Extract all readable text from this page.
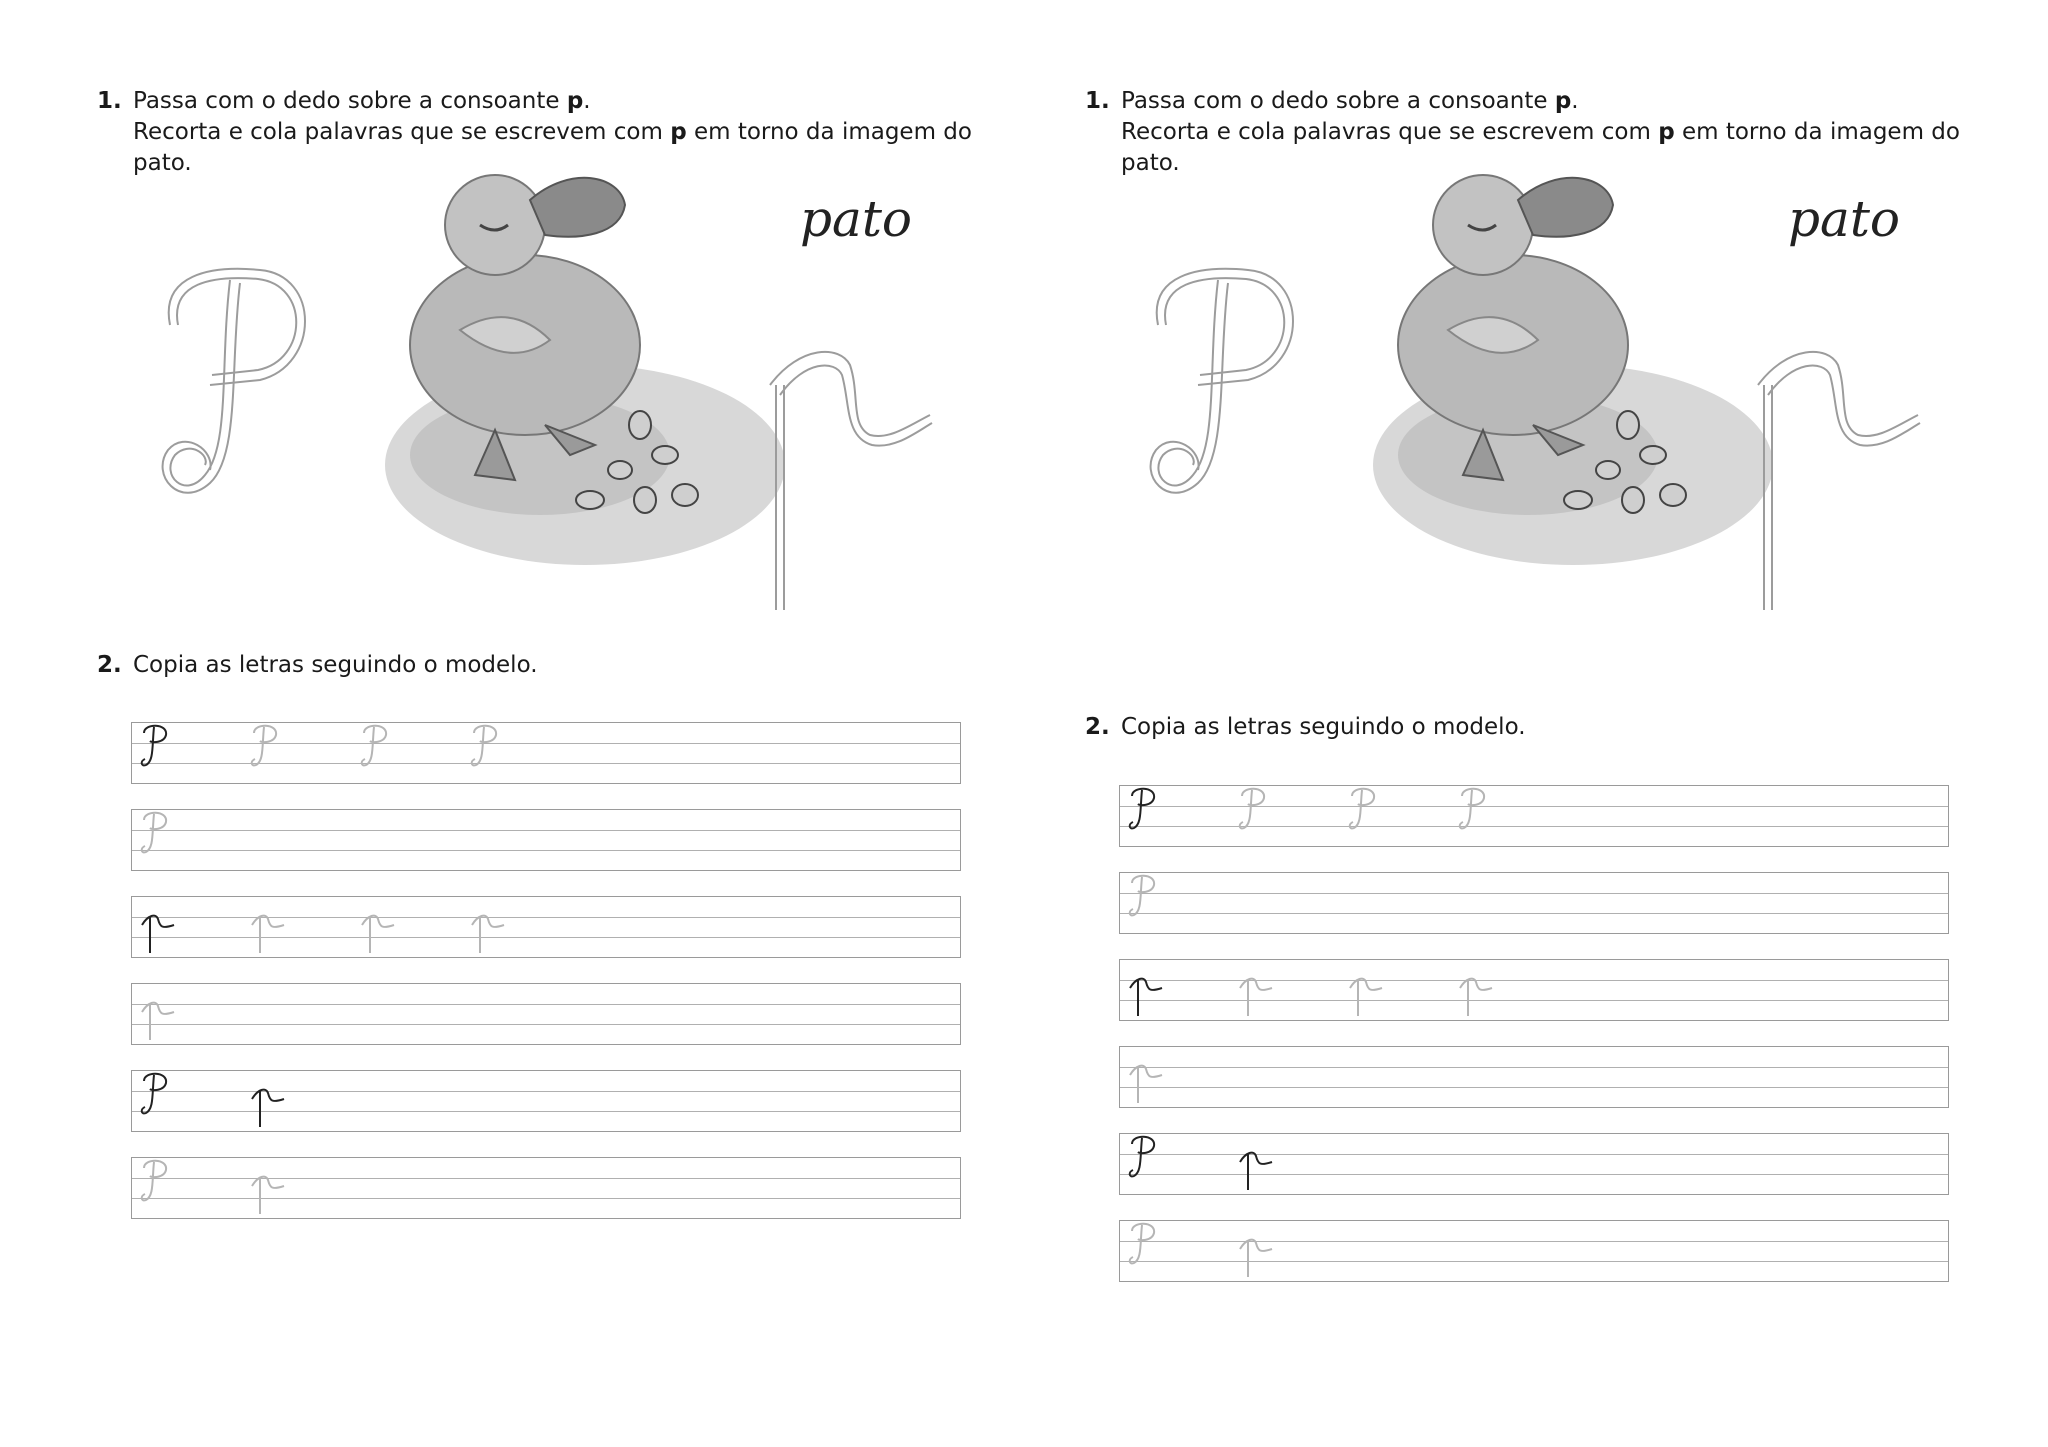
1. Passa com o dedo sobre a consoante p.
Recorta e cola palavras que se escrevem com p em torno da imagem do pato.
pato
2. Copia as letras seguindo o modelo.
1. Passa com o dedo sobre a consoante p.
Recorta e cola palavras que se escrevem com p em torno da imagem do pato.
pato
2. Copia as letras seguindo o modelo.
